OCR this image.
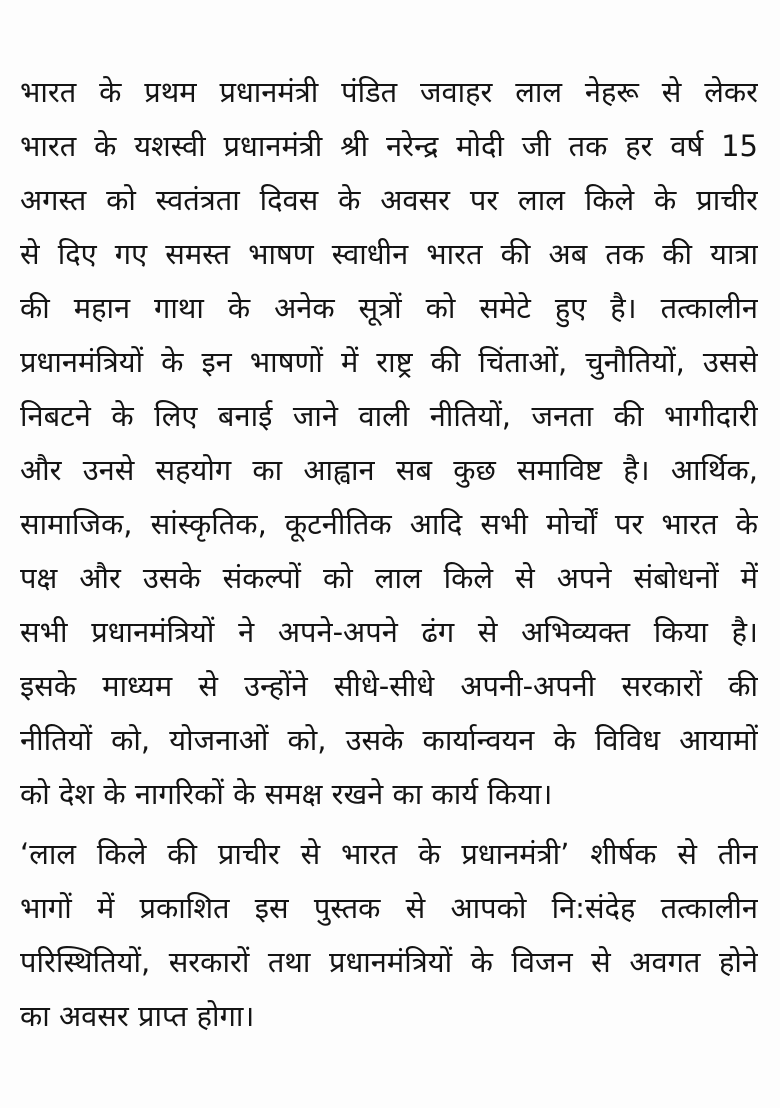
भारत के प्रथम प्रधानमंत्री पंडित जवाहर लाल नेहरू से लेकर
भारत के यशस्वी प्रधानमंत्री श्री नरेन्द्र मोदी जी तक हर वर्ष 15
अगस्त को स्वतंत्रता दिवस के अवसर पर लाल किले के प्राचीर
से दिए गए समस्त भाषण स्वाधीन भारत की अब तक की यात्रा
की महान गाथा के अनेक सूत्रों को समेटे हुए है। तत्कालीन
प्रधानमंत्रियों के इन भाषणों में राष्ट्र की चिंताओं, चुनौतियों, उससे
निबटने के लिए बनाई जाने वाली नीतियों, जनता की भागीदारी
और उनसे सहयोग का आह्वान सब कुछ समाविष्ट है। आर्थिक,
सामाजिक, सांस्कृतिक, कूटनीतिक आदि सभी मोर्चों पर भारत के
पक्ष और उसके संकल्पों को लाल किले से अपने संबोधनों में
सभी प्रधानमंत्रियों ने अपने-अपने ढंग से अभिव्यक्त किया है।
इसके माध्यम से उन्होंने सीधे-सीधे अपनी-अपनी सरकारों की
नीतियों को, योजनाओं को, उसके कार्यान्वयन के विविध आयामों
को देश के नागरिकों के समक्ष रखने का कार्य किया।
‘लाल किले की प्राचीर से भारत के प्रधानमंत्री’ शीर्षक से तीन
भागों में प्रकाशित इस पुस्तक से आपको नि:संदेह तत्कालीन
परिस्थितियों, सरकारों तथा प्रधानमंत्रियों के विजन से अवगत होने
का अवसर प्राप्त होगा।
